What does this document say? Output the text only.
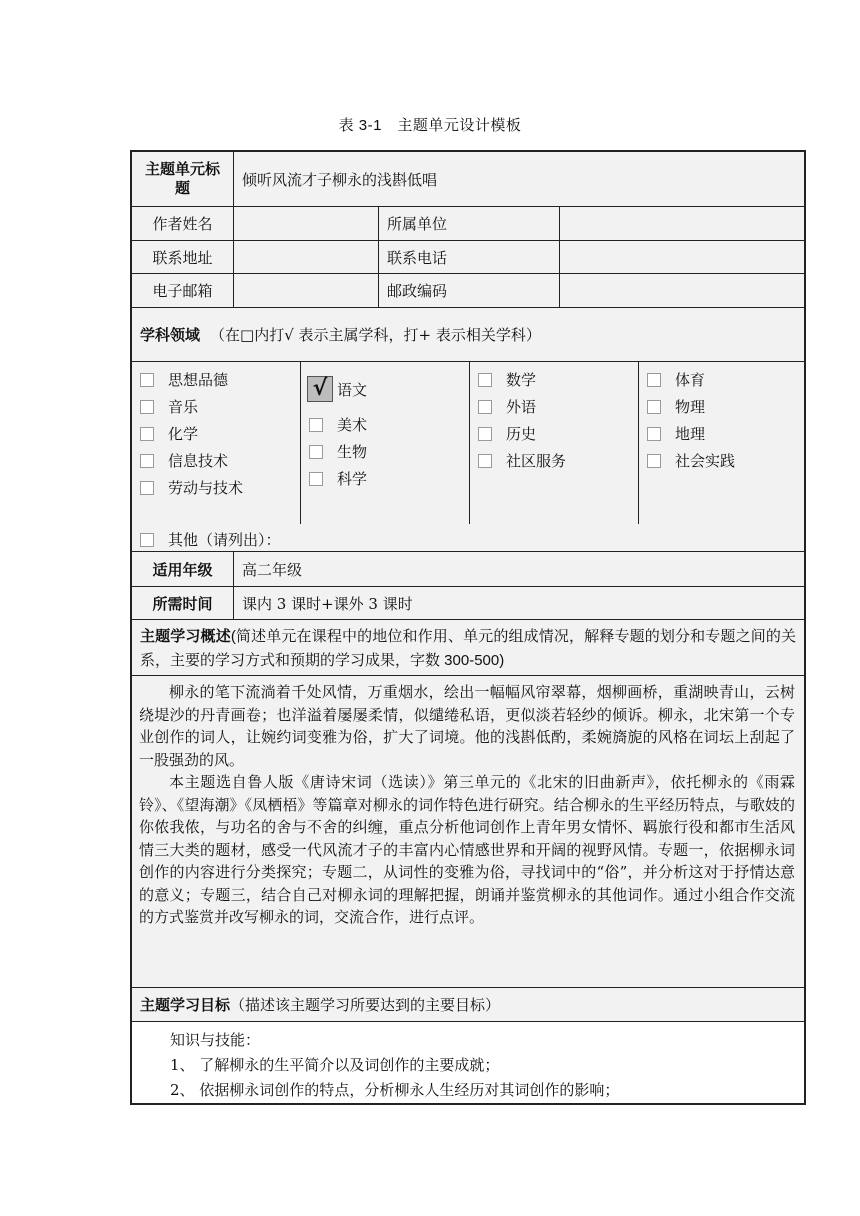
表 3-1　主题单元设计模板
主题单元标题	倾听风流才子柳永的浅斟低唱
作者姓名	所属单位
联系地址	联系电话
电子邮箱	邮政编码
学科领域 （在□内打√ 表示主属学科，打+ 表示相关学科）
思想品德
音乐
化学
信息技术
劳动与技术
√ 语文
美术
生物
科学
数学
外语
历史
社区服务
体育
物理
地理
社会实践
其他（请列出）：
适用年级 高二年级
所需时间 课内 3 课时+课外 3 课时
主题学习概述(简述单元在课程中的地位和作用、单元的组成情况，解释专题的划分和专题之间的关系，主要的学习方式和预期的学习成果，字数 300-500)

柳永的笔下流淌着千处风情，万重烟水，绘出一幅幅风帘翠幕，烟柳画桥，重湖映青山，云树绕堤沙的丹青画卷；也洋溢着屡屡柔情，似缱绻私语，更似淡若轻纱的倾诉。柳永，北宋第一个专业创作的词人，让婉约词变雅为俗，扩大了词境。他的浅斟低酌，柔婉旖旎的风格在词坛上刮起了一股强劲的风。

本主题选自鲁人版《唐诗宋词（选读）》第三单元的《北宋的旧曲新声》，依托柳永的《雨霖铃》、《望海潮》《凤栖梧》等篇章对柳永的词作特色进行研究。结合柳永的生平经历特点，与歌妓的你侬我侬，与功名的舍与不舍的纠缠，重点分析他词创作上青年男女情怀、羁旅行役和都市生活风情三大类的题材，感受一代风流才子的丰富内心情感世界和开阔的视野风情。专题一，依据柳永词创作的内容进行分类探究；专题二，从词性的变雅为俗，寻找词中的“俗”，并分析这对于抒情达意的意义；专题三，结合自己对柳永词的理解把握，朗诵并鉴赏柳永的其他词作。通过小组合作交流的方式鉴赏并改写柳永的词，交流合作，进行点评。

主题学习目标 （描述该主题学习所要达到的主要目标）
知识与技能：
1、 了解柳永的生平简介以及词创作的主要成就；
2、 依据柳永词创作的特点，分析柳永人生经历对其词创作的影响；
